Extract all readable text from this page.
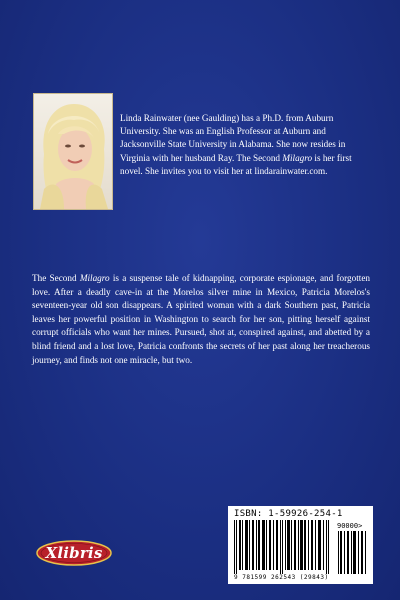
Linda Rainwater (nee Gaulding) has a Ph.D. from Auburn University. She was an English Professor at Auburn and Jacksonville State University in Alabama. She now resides in Virginia with her husband Ray. The Second Milagro is her first novel. She invites you to visit her at lindarainwater.com.
The Second Milagro is a suspense tale of kidnapping, corporate espionage, and forgotten love. After a deadly cave-in at the Morelos silver mine in Mexico, Patricia Morelos's seventeen-year old son disappears. A spirited woman with a dark Southern past, Patricia leaves her powerful position in Washington to search for her son, pitting herself against corrupt officials who want her mines. Pursued, shot at, conspired against, and abetted by a blind friend and a lost love, Patricia confronts the secrets of her past along her treacherous journey, and finds not one miracle, but two.
ISBN: 1-59926-254-1
90000>
9 781599 262543 (29843)
Xlibris
